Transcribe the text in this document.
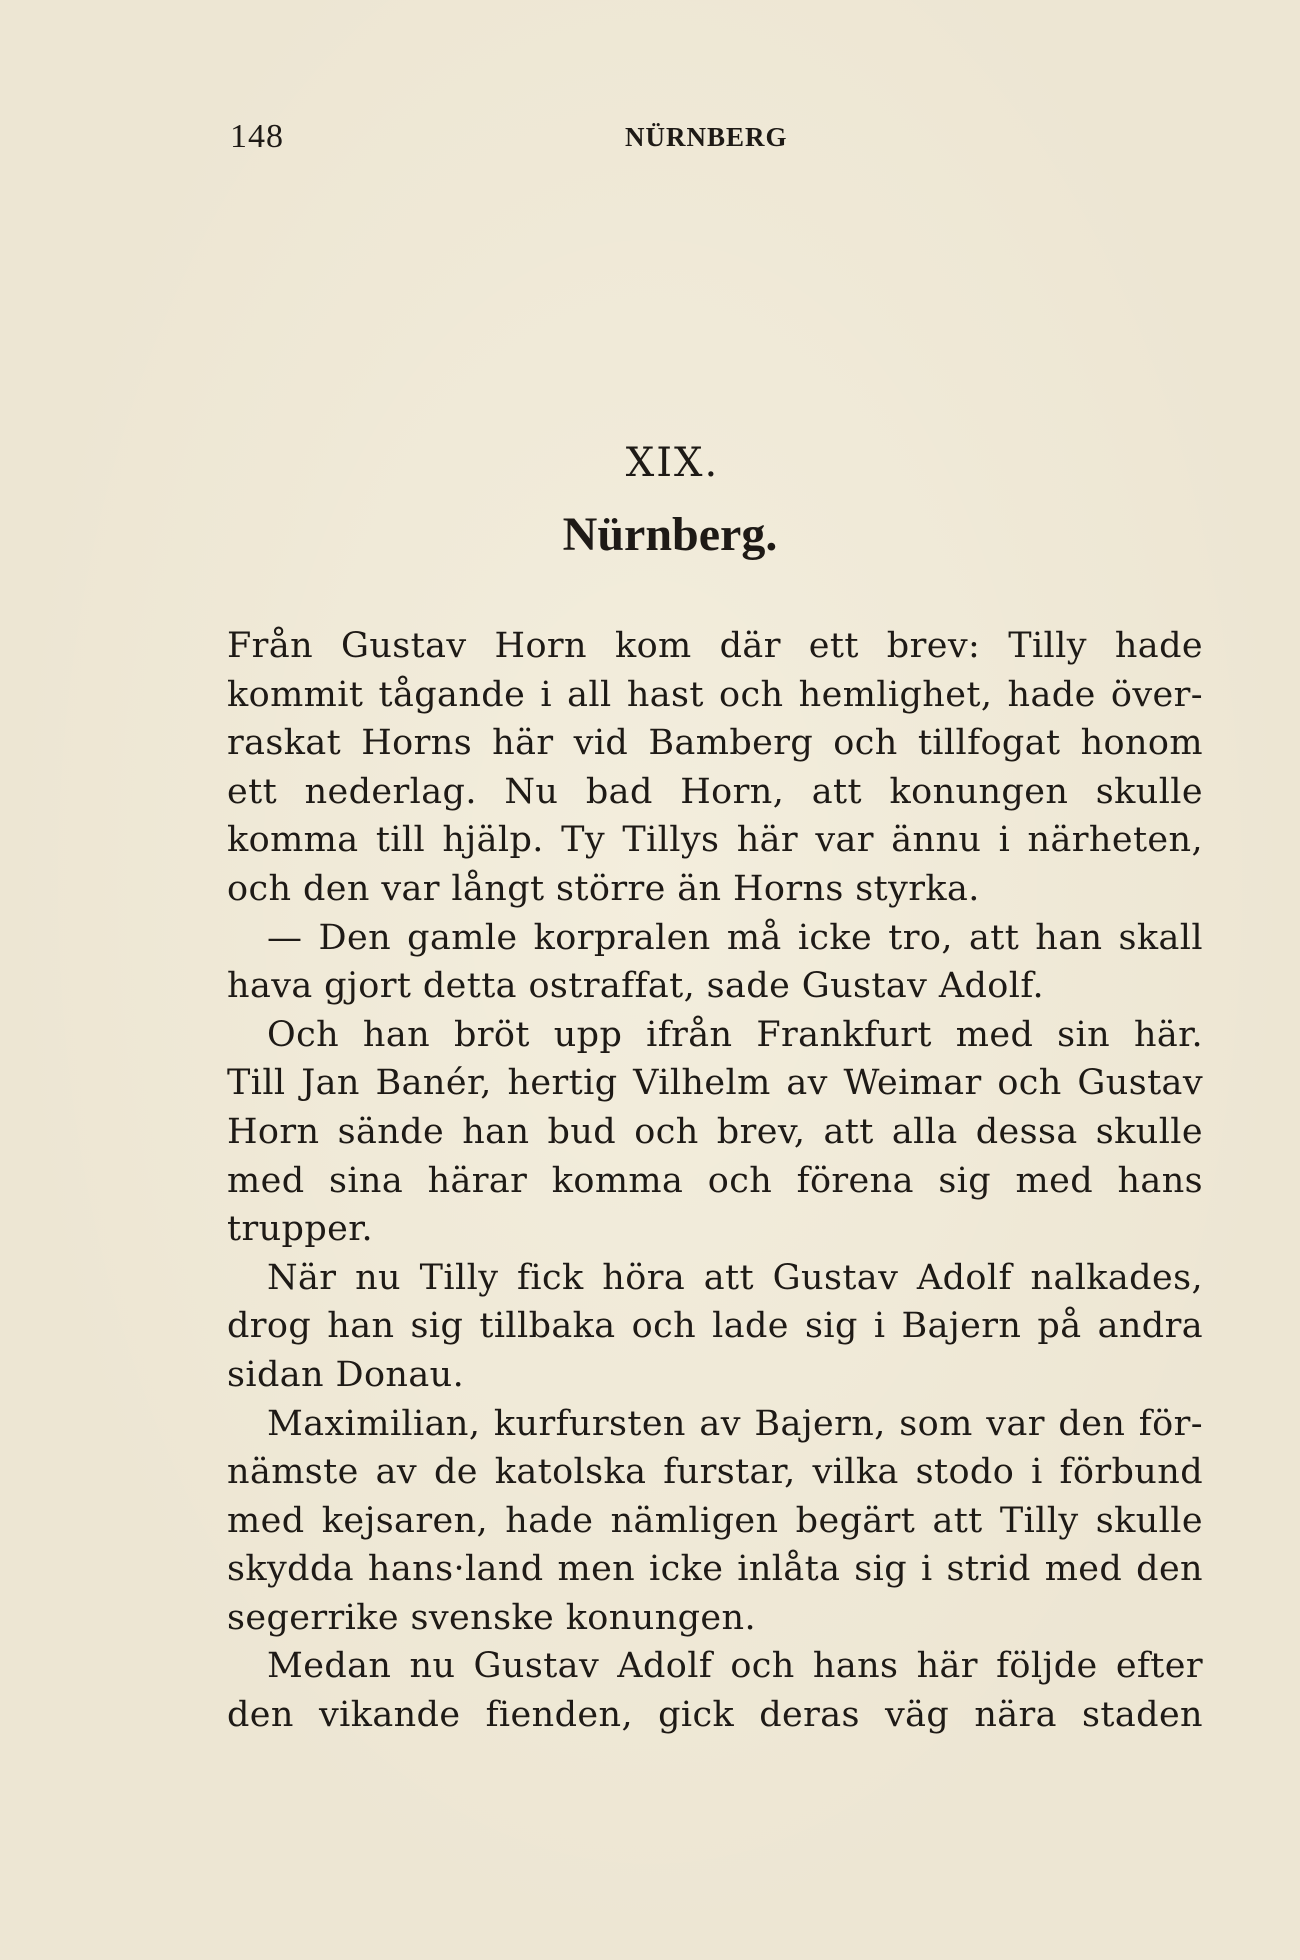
148	NÜRNBERG
XIX.
Nürnberg.
Från Gustav Horn kom där ett brev: Tilly hade
kommit tågande i all hast och hemlighet, hade över-
raskat Horns här vid Bamberg och tillfogat honom
ett nederlag. Nu bad Horn, att konungen skulle
komma till hjälp. Ty Tillys här var ännu i närheten,
och den var långt större än Horns styrka.
— Den gamle korpralen må icke tro, att han skall
hava gjort detta ostraffat, sade Gustav Adolf.
Och han bröt upp ifrån Frankfurt med sin här.
Till Jan Banér, hertig Vilhelm av Weimar och Gustav
Horn sände han bud och brev, att alla dessa skulle
med sina härar komma och förena sig med hans
trupper.
När nu Tilly fick höra att Gustav Adolf nalkades,
drog han sig tillbaka och lade sig i Bajern på andra
sidan Donau.
Maximilian, kurfursten av Bajern, som var den för-
nämste av de katolska furstar, vilka stodo i förbund
med kejsaren, hade nämligen begärt att Tilly skulle
skydda hans·land men icke inlåta sig i strid med den
segerrike svenske konungen.
Medan nu Gustav Adolf och hans här följde efter
den vikande fienden, gick deras väg nära staden
